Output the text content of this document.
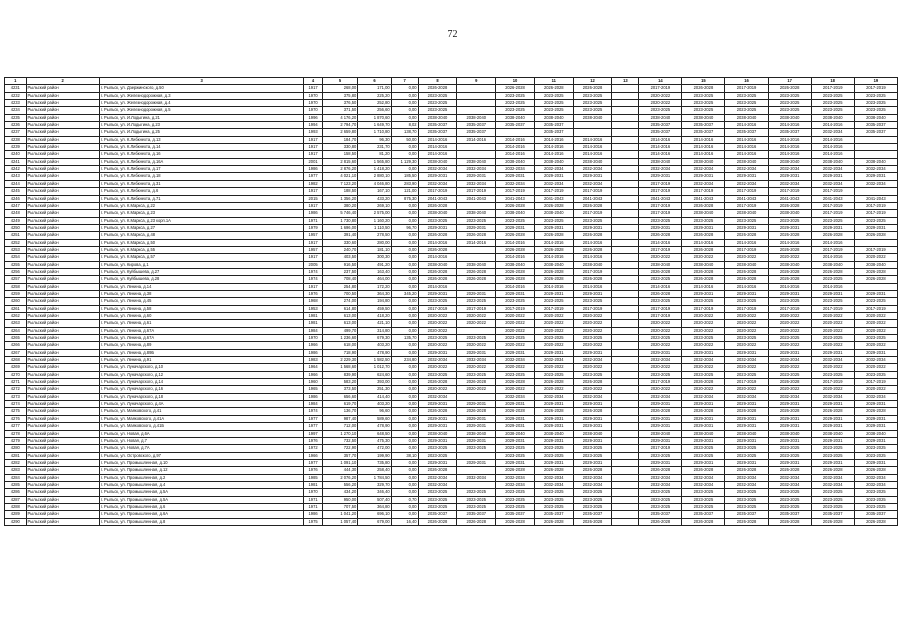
72
1	2	3	4	5	6	7	8	9	10	11	12	13	14	15	16	17	18	19
4231	Рыльский район	г. Рыльск, ул. Дзержинского, д.50	1917	268,00	171,00	0,00	2026-2028		2026-2028	2026-2028	2026-2028		2017-2019	2026-2028	2017-2019	2026-2028	2017-2019	2017-2019
4232	Рыльский район	г. Рыльск, ул. Железнодорожная, д.3	1970	375,80	225,20	0,00	2023-2025		2023-2025	2023-2025	2023-2025		2020-2022	2023-2025	2023-2025	2023-2025	2023-2025	2023-2025
4233	Рыльский район	г. Рыльск, ул. Железнодорожная, д.4	1970	376,50	252,80	0,00	2023-2025		2023-2025	2023-2025	2023-2025		2020-2022	2023-2025	2023-2025	2023-2025	2023-2025	2023-2025
4234	Рыльский район	г. Рыльск, ул. Железнодорожная, д.5	1970	371,50	256,60	0,00	2023-2025		2023-2025	2023-2025	2023-2025		2023-2025	2023-2025	2023-2025	2023-2025	2023-2025	2023-2025
4235	Рыльский район	г. Рыльск, ул. И.Лодыгина, д.21	1996	4 176,20	1 870,60	0,00	2038-2040	2038-2040	2038-2040	2038-2040	2038-2040		2038-2040	2038-2040	2038-2040	2038-2040	2038-2040	2038-2040
4236	Рыльский район	г. Рыльск, ул. И.Лодыгина, д.23	1994	2 794,70	1 649,70	8,02	2035-2037	2035-2037	2035-2037	2035-2037			2035-2037	2035-2037	2014-2016	2014-2016	2014-2016	2035-2037
4237	Рыльский район	г. Рыльск, ул. И.Лодыгина, д.25	1993	2 659,80	1 710,80	138,70	2035-2037	2035-2037		2035-2037			2035-2037	2035-2037	2035-2037	2035-2037	2032-2034	2035-2037
4238	Рыльский район	г. Рыльск, ул. К.Либкнехта, д.13	1917	184,70	96,30	50,00	2014-2016	2014-2016	2014-2016	2014-2016	2014-2016		2014-2016	2014-2016	2014-2016	2014-2016	2014-2016	
4239	Рыльский район	г. Рыльск, ул. К.Либкнехта, д.14	1917	330,80	231,70	0,00	2014-2016		2014-2016	2014-2016	2014-2016		2014-2016	2014-2016	2014-2016	2014-2016	2014-2016	
4240	Рыльский район	г. Рыльск, ул. К.Либкнехта, д.16	1917	158,50	81,20	0,00	2014-2016		2014-2016	2014-2016	2014-2016		2014-2016	2014-2016	2014-2016	2014-2016	2014-2016	
4241	Рыльский район	г. Рыльск, ул. К.Либкнехта, д.16А	2001	2 815,60	1 565,80	1 129,30	2038-2040	2038-2040	2038-2040	2038-2040	2038-2040		2038-2040	2038-2040	2038-2040	2038-2040	2038-2040	2038-2040
4242	Рыльский район	г. Рыльск, ул. К.Либкнехта, д.17	1986	2 876,20	1 418,20	0,00	2032-2034	2032-2034	2032-2034	2032-2034	2032-2034		2032-2034	2032-2034	2032-2034	2032-2034	2032-2034	2032-2034
4243	Рыльский район	г. Рыльск, ул. К.Либкнехта, д.18	1977	4 021,10	2 880,10	185,50	2029-2031	2029-2031	2029-2031	2029-2031	2029-2031		2029-2031	2029-2031	2029-2031	2029-2031	2029-2031	2029-2031
4244	Рыльский район	г. Рыльск, ул. К.Либкнехта, д.31	1982	7 123,20	4 046,80	283,90	2032-2034	2032-2034	2032-2034	2032-2034	2032-2034		2017-2019	2032-2034	2032-2034	2032-2034	2032-2034	2032-2034
4245	Рыльский район	г. Рыльск, ул. К.Либкнехта, д.6	1917	188,50	167,10	121,00	2017-2019	2017-2019	2017-2019	2017-2019	2017-2019		2017-2019	2017-2019	2017-2019	2017-2019	2017-2019	
4246	Рыльский район	г. Рыльск, ул. К.Либкнехта, д.71	2015	1 356,20	433,20	875,30	2041-2043	2041-2043	2041-2043	2041-2043	2041-2043		2041-2043	2041-2043	2041-2043	2041-2043	2041-2043	2041-2043
4247	Рыльский район	г. Рыльск, ул. К.Маркса, д.22	1917	380,20	269,10	0,00	2026-2028		2026-2028	2026-2028	2026-2028		2017-2019	2026-2028	2017-2019	2026-2028	2017-2019	2017-2019
4248	Рыльский район	г. Рыльск, ул. К.Маркса, д.23	1986	5 746,40	2 575,00	0,00	2038-2040	2038-2040	2038-2040	2038-2040	2017-2019		2017-2019	2038-2040	2038-2040	2038-2040	2017-2019	2017-2019
4249	Рыльский район	г. Рыльск, ул. К.Маркса, д.23 корп.1А	1971	1 730,80	1 160,20	0,00	2023-2025	2023-2025	2023-2025	2023-2025	2023-2025		2023-2025	2023-2025	2023-2025	2023-2025	2023-2025	2023-2025
4250	Рыльский район	г. Рыльск, ул. К.Маркса, д.27	1979	1 696,00	1 110,50	96,70	2029-2031	2029-2031	2029-2031	2029-2031	2029-2031		2029-2031	2029-2031	2029-2031	2029-2031	2029-2031	2029-2031
4251	Рыльский район	г. Рыльск, ул. К.Маркса, д.48	1957	391,40	278,50	0,00	2026-2028	2026-2028	2026-2028	2026-2028	2026-2028		2026-2028	2026-2028	2026-2028	2026-2028	2026-2028	2026-2028
4252	Рыльский район	г. Рыльск, ул. К.Маркса, д.50	1917	330,60	280,00	0,00	2014-2016	2014-2016	2014-2016	2014-2016	2014-2016		2014-2016	2014-2016	2014-2016	2014-2016	2014-2016	
4253	Рыльский район	г. Рыльск, ул. К.Маркса, д.55	1957	240,70	181,10	0,00	2026-2028		2026-2028	2026-2028	2026-2028		2017-2019	2026-2028	2017-2019	2026-2028	2017-2019	2017-2019
4254	Рыльский район	г. Рыльск, ул. К.Маркса, д.57	1917	403,50	300,30	0,00	2014-2016		2014-2016	2014-2016	2014-2016		2020-2022	2020-2022	2020-2022	2020-2022	2014-2016	2020-2022
4255	Рыльский район	г. Рыльск, ул. Кирова, д.1	2005	916,50	491,20	0,00	2038-2040	2038-2040	2038-2040	2038-2040	2038-2040		2038-2040	2038-2040	2038-2040	2038-2040	2038-2040	2038-2040
4256	Рыльский район	г. Рыльск, ул. Куйбышева, д.27	1974	237,50	163,40	0,00	2026-2028	2026-2028	2026-2028	2026-2028	2017-2019		2026-2028	2026-2028	2026-2028	2026-2028	2026-2028	2026-2028
4257	Рыльский район	г. Рыльск, ул. Куйбышева, д.28	1974	708,40	464,00	0,00	2026-2028	2026-2028	2026-2028	2026-2028	2026-2028		2023-2025	2026-2028	2026-2028	2026-2028	2023-2025	2026-2028
4258	Рыльский район	г. Рыльск, ул. Ленина, д.14	1917	254,80	172,20	0,00	2014-2016		2014-2016	2014-2016	2014-2016		2014-2016	2014-2016	2014-2016	2014-2016	2014-2016	
4259	Рыльский район	г. Рыльск, ул. Ленина, д.38	1976	700,50	364,30	345,20	2029-2031	2029-2031	2029-2031	2029-2031	2029-2031		2026-2028	2029-2031	2029-2031	2029-2031	2029-2031	2029-2031
4260	Рыльский район	г. Рыльск, ул. Ленина, д.45	1968	274,00	194,80	0,00	2023-2025	2023-2025	2023-2025	2023-2025	2023-2025		2023-2025	2023-2025	2023-2025	2023-2025	2023-2025	2023-2025
4261	Рыльский район	г. Рыльск, ул. Ленина, д.58	1953	614,80	459,50	0,00	2017-2019	2017-2019	2017-2019	2017-2019	2017-2019		2017-2019	2017-2019	2017-2019	2017-2019	2017-2019	2017-2019
4262	Рыльский район	г. Рыльск, ул. Ленина, д.60	1981	613,00	418,20	0,00	2020-2022	2020-2022	2020-2022	2020-2022	2020-2022		2017-2019	2020-2022	2020-2022	2020-2022	2020-2022	2020-2022
4263	Рыльский район	г. Рыльск, ул. Ленина, д.61	1981	613,00	421,10	0,00	2020-2022	2020-2022	2020-2022	2020-2022	2020-2022		2020-2022	2020-2022	2020-2022	2020-2022	2020-2022	2020-2022
4264	Рыльский район	г. Рыльск, ул. Ленина, д.67А	1984	499,70	314,80	0,00	2020-2022		2020-2022	2020-2022	2020-2022		2020-2022	2020-2022	2020-2022	2020-2022	2020-2022	2020-2022
4265	Рыльский район	г. Рыльск, ул. Ленина, д.67А	1970	1 236,60	679,30	135,70	2023-2025	2023-2025	2023-2025	2023-2025	2023-2025		2023-2025	2023-2025	2023-2025	2023-2025	2023-2025	2023-2025
4266	Рыльский район	г. Рыльск, ул. Ленина, д.89	1966	618,00	403,20	0,00	2020-2022	2020-2022	2020-2022	2020-2022	2020-2022		2020-2022	2020-2022	2020-2022	2020-2022	2020-2022	2020-2022
4267	Рыльский район	г. Рыльск, ул. Ленина, д.89Б	1986	718,90	478,90	0,00	2029-2031	2029-2031	2029-2031	2029-2031	2029-2031		2029-2031	2029-2031	2029-2031	2029-2031	2029-2031	2029-2031
4268	Рыльский район	г. Рыльск, ул. Ленина, д.91	1983	2 229,30	1 582,50	234,80	2032-2034	2032-2034	2032-2034	2032-2034	2032-2034		2032-2034	2032-2034	2032-2034	2032-2034	2032-2034	2032-2034
4269	Рыльский район	г. Рыльск, ул. Луначарского, д.10	1964	1 568,60	1 012,70	0,00	2020-2022	2020-2022	2020-2022	2020-2022	2020-2022		2020-2022	2020-2022	2020-2022	2020-2022	2020-2022	2020-2022
4270	Рыльский район	г. Рыльск, ул. Луначарского, д.12	1966	839,90	624,60	0,00	2023-2025	2023-2025	2023-2025	2023-2025	2023-2025		2023-2025	2023-2025	2023-2025	2023-2025	2023-2025	2023-2025
4271	Рыльский район	г. Рыльск, ул. Луначарского, д.14	1960	583,20	393,00	0,00	2026-2028	2026-2028	2026-2028	2026-2028	2026-2028		2017-2019	2026-2028	2017-2019	2026-2028	2017-2019	2017-2019
4272	Рыльский район	г. Рыльск, ул. Луначарского, д.16	1965	373,50	251,30	0,00	2020-2022	2020-2022	2020-2022	2020-2022	2020-2022		2020-2022	2020-2022	2020-2022	2020-2022	2020-2022	2020-2022
4273	Рыльский район	г. Рыльск, ул. Луначарского, д.18	1986	656,60	414,40	0,00	2032-2034		2032-2034	2032-2034	2032-2034		2032-2034	2032-2034	2032-2034	2032-2034	2032-2034	2032-2034
4274	Рыльский район	г. Рыльск, ул. Луначарского, д.4А	1984	619,70	403,20	0,00	2029-2031	2029-2031	2029-2031	2029-2031	2029-2031		2029-2031	2029-2031	2029-2031	2029-2031	2029-2031	2029-2031
4275	Рыльский район	г. Рыльск, ул. Маяковского, д.41	1974	136,70	96,60	0,00	2026-2028	2026-2028	2026-2028	2026-2028	2026-2028		2026-2028	2026-2028	2026-2028	2026-2028	2026-2028	2026-2028
4276	Рыльский район	г. Рыльск, ул. Маяковского, д.41А	1977	987,40	589,60	0,00	2029-2031	2029-2031	2029-2031	2029-2031	2029-2031		2029-2031	2029-2031	2029-2031	2029-2031	2029-2031	2029-2031
4277	Рыльский район	г. Рыльск, ул. Маяковского, д.41Б	1977	712,00	478,90	0,00	2029-2031	2029-2031	2029-2031	2029-2031	2029-2031		2029-2031	2029-2031	2029-2031	2029-2031	2029-2031	2029-2031
4278	Рыльский район	г. Рыльск, ул. Новая, д.6А	1997	1 270,10	648,50	0,00	2038-2040	2038-2040	2038-2040	2038-2040	2038-2040		2038-2040	2038-2040	2038-2040	2038-2040	2038-2040	2038-2040
4279	Рыльский район	г. Рыльск, ул. Новая, д.7	1976	732,50	475,30	0,00	2029-2031	2029-2031	2029-2031	2029-2031	2029-2031		2029-2031	2029-2031	2029-2031	2029-2031	2029-2031	2029-2031
4280	Рыльский район	г. Рыльск, ул. Новая, д.7А	1972	722,90	472,00	0,00	2023-2025	2023-2025	2023-2025	2023-2025	2023-2025		2017-2019	2023-2025	2023-2025	2023-2025	2023-2025	2023-2025
4281	Рыльский район	г. Рыльск, ул. Островского, д.97	1966	357,70	199,90	38,10	2023-2025		2023-2025	2023-2025	2023-2025		2023-2025	2023-2025	2023-2025	2023-2025	2023-2025	2023-2025
4282	Рыльский район	г. Рыльск, ул. Промышленная, д.10	1977	1 091,10	735,80	0,00	2029-2031	2029-2031	2029-2031	2029-2031	2029-2031		2029-2031	2029-2031	2029-2031	2029-2031	2029-2031	2029-2031
4283	Рыльский район	г. Рыльск, ул. Промышленная, д.12	1976	444,30	258,40	0,00	2026-2028		2026-2028	2026-2028	2026-2028		2026-2028	2026-2028	2026-2028	2026-2028	2026-2028	2026-2028
4284	Рыльский район	г. Рыльск, ул. Промышленная, д.2	1985	2 076,20	1 784,50	0,00	2032-2034	2032-2034	2032-2034	2032-2034	2032-2034		2032-2034	2032-2034	2032-2034	2032-2034	2032-2034	2032-2034
4285	Рыльский район	г. Рыльск, ул. Промышленная, д.4	1981	556,20	329,70	0,00	2032-2034		2032-2034	2032-2034	2032-2034		2032-2034	2032-2034	2032-2034	2032-2034	2032-2034	2032-2034
4286	Рыльский район	г. Рыльск, ул. Промышленная, д.5А	1970	434,20	346,40	0,00	2023-2025	2023-2025	2023-2025	2023-2025	2023-2025		2023-2025	2023-2025	2023-2025	2023-2025	2023-2025	2023-2025
4287	Рыльский район	г. Рыльск, ул. Промышленная, д.5А	1971	950,00	507,40	0,70	2023-2025	2023-2025	2023-2025	2023-2025	2023-2025		2023-2025	2023-2025	2023-2025	2023-2025	2023-2025	2023-2025
4288	Рыльский район	г. Рыльск, ул. Промышленная, д.6	1971	707,50	364,80	0,00	2023-2025	2023-2025	2023-2025	2023-2025	2023-2025		2023-2025	2023-2025	2023-2025	2023-2025	2023-2025	2023-2025
4289	Рыльский район	г. Рыльск, ул. Промышленная, д.6А	1986	1 041,20	696,10	0,00	2035-2037	2035-2037	2035-2037	2035-2037	2035-2037		2035-2037	2035-2037	2035-2037	2035-2037	2035-2037	2035-2037
4290	Рыльский район	г. Рыльск, ул. Промышленная, д.8	1975	1 057,40	679,00	16,40	2026-2028	2026-2028	2026-2028	2026-2028	2026-2028		2026-2028	2026-2028	2026-2028	2026-2028	2026-2028	2026-2028
